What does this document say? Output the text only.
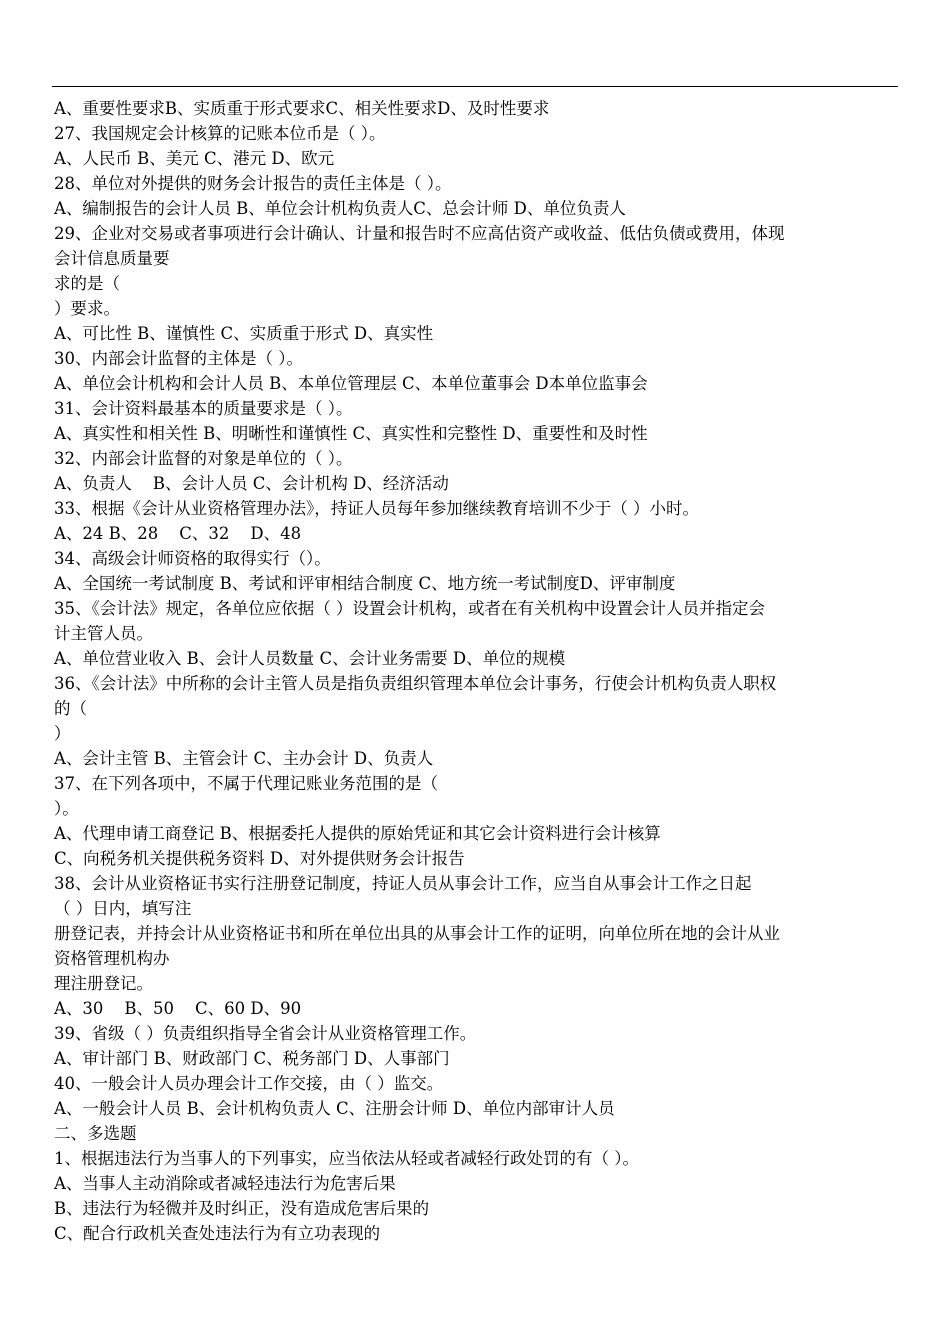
A、重要性要求B、实质重于形式要求C、相关性要求D、及时性要求
27、我国规定会计核算的记账本位币是（ ）。
A、人民币 B、美元 C、港元 D、欧元
28、单位对外提供的财务会计报告的责任主体是（ ）。
A、编制报告的会计人员 B、单位会计机构负责人C、总会计师 D、单位负责人
29、企业对交易或者事项进行会计确认、计量和报告时不应高估资产或收益、低估负债或费用，体现
会计信息质量要
求的是（
）要求。
A、可比性 B、谨慎性 C、实质重于形式 D、真实性
30、内部会计监督的主体是（ ）。
A、单位会计机构和会计人员 B、本单位管理层 C、本单位董事会 D本单位监事会
31、会计资料最基本的质量要求是（ ）。
A、真实性和相关性 B、明晰性和谨慎性 C、真实性和完整性 D、重要性和及时性
32、内部会计监督的对象是单位的（ ）。
A、负责人    B、会计人员 C、会计机构 D、经济活动
33、根据《会计从业资格管理办法》，持证人员每年参加继续教育培训不少于（ ）小时。
A、24 B、28    C、32    D、48
34、高级会计师资格的取得实行（）。
A、全国统一考试制度 B、考试和评审相结合制度 C、地方统一考试制度D、评审制度
35、《会计法》规定，各单位应依据（ ）设置会计机构，或者在有关机构中设置会计人员并指定会
计主管人员。
A、单位营业收入 B、会计人员数量 C、会计业务需要 D、单位的规模
36、《会计法》中所称的会计主管人员是指负责组织管理本单位会计事务，行使会计机构负责人职权
的（
）
A、会计主管 B、主管会计 C、主办会计 D、负责人
37、在下列各项中，不属于代理记账业务范围的是（
）。
A、代理申请工商登记 B、根据委托人提供的原始凭证和其它会计资料进行会计核算
C、向税务机关提供税务资料 D、对外提供财务会计报告
38、会计从业资格证书实行注册登记制度，持证人员从事会计工作，应当自从事会计工作之日起
（ ）日内，填写注
册登记表，并持会计从业资格证书和所在单位出具的从事会计工作的证明，向单位所在地的会计从业
资格管理机构办
理注册登记。
A、30    B、50    C、60 D、90
39、省级（ ）负责组织指导全省会计从业资格管理工作。
A、审计部门 B、财政部门 C、税务部门 D、人事部门
40、一般会计人员办理会计工作交接，由（ ）监交。
A、一般会计人员 B、会计机构负责人 C、注册会计师 D、单位内部审计人员
二、多选题
1、根据违法行为当事人的下列事实，应当依法从轻或者减轻行政处罚的有（ ）。
A、当事人主动消除或者减轻违法行为危害后果
B、违法行为轻微并及时纠正，没有造成危害后果的
C、配合行政机关查处违法行为有立功表现的
